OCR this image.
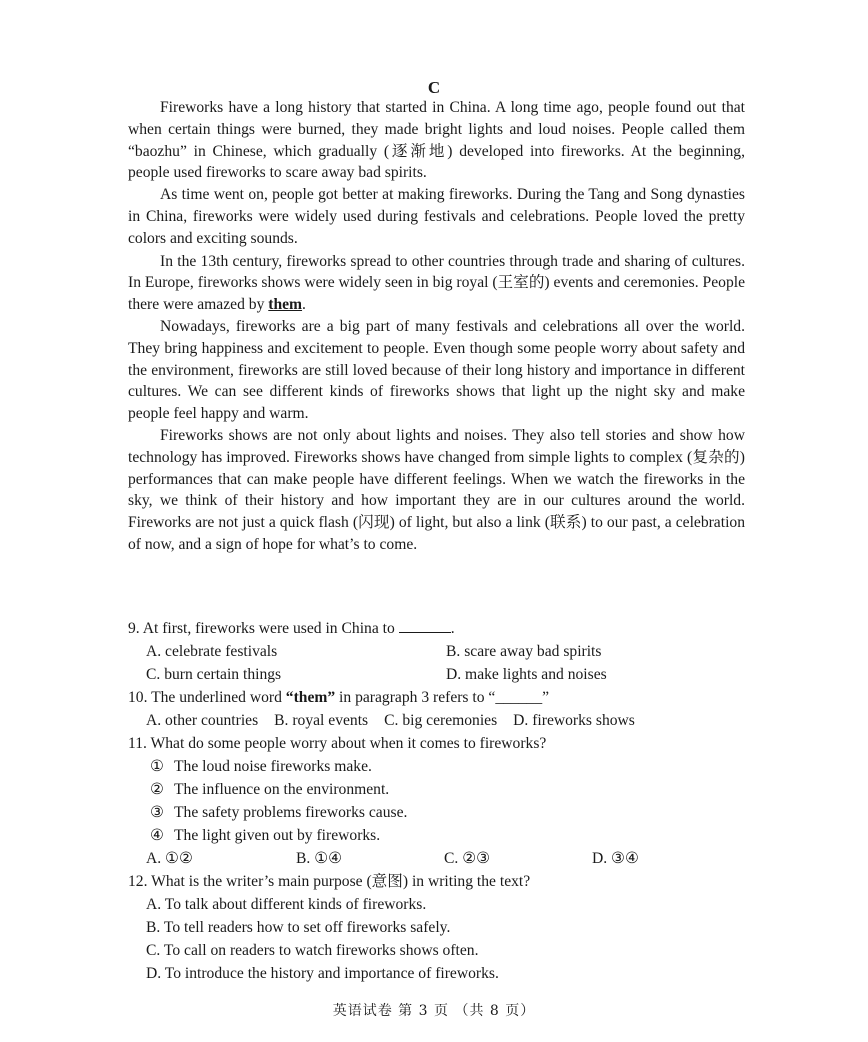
C

Fireworks have a long history that started in China. A long time ago, people found out that when certain things were burned, they made bright lights and loud noises. People called them “baozhu” in Chinese, which gradually (逐渐地) developed into fireworks. At the beginning, people used fireworks to scare away bad spirits.

As time went on, people got better at making fireworks. During the Tang and Song dynasties in China, fireworks were widely used during festivals and celebrations. People loved the pretty colors and exciting sounds.

In the 13th century, fireworks spread to other countries through trade and sharing of cultures. In Europe, fireworks shows were widely seen in big royal (王室的) events and ceremonies. People there were amazed by them.

Nowadays, fireworks are a big part of many festivals and celebrations all over the world. They bring happiness and excitement to people. Even though some people worry about safety and the environment, fireworks are still loved because of their long history and importance in different cultures. We can see different kinds of fireworks shows that light up the night sky and make people feel happy and warm.

Fireworks shows are not only about lights and noises. They also tell stories and show how technology has improved. Fireworks shows have changed from simple lights to complex (复杂的) performances that can make people have different feelings. When we watch the fireworks in the sky, we think of their history and how important they are in our cultures around the world. Fireworks are not just a quick flash (闪现) of light, but also a link (联系) to our past, a celebration of now, and a sign of hope for what’s to come.

9. At first, fireworks were used in China to	.
A. celebrate festivals	B. scare away bad spirits
C. burn certain things	D. make lights and noises
10. The underlined word “them” in paragraph 3 refers to “______”
A. other countries B. royal events C. big ceremonies D. fireworks shows
11. What do some people worry about when it comes to fireworks?
① The loud noise fireworks make.
② The influence on the environment.
③ The safety problems fireworks cause.
④ The light given out by fireworks.
A. ①②	B. ①④	C. ②③	D. ③④
12. What is the writer’s main purpose (意图) in writing the text?
A. To talk about different kinds of fireworks.
B. To tell readers how to set off fireworks safely.
C. To call on readers to watch fireworks shows often.
D. To introduce the history and importance of fireworks.
英语试卷 第 3 页 （共 8 页）
